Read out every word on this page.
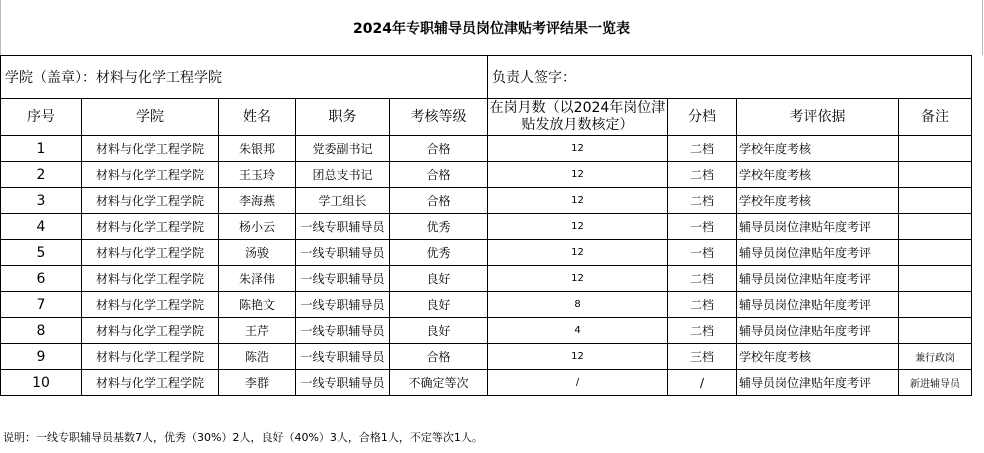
2024年专职辅导员岗位津贴考评结果一览表
学院（盖章）：材料与化学工程学院					负责人签字：			
序号	学院	姓名	职务	考核等级	在岗月数（以2024年岗位津贴发放月数核定）	分档	考评依据	备注
1	材料与化学工程学院	朱银邦	党委副书记	合格	12	二档	学校年度考核	
2	材料与化学工程学院	王玉玲	团总支书记	合格	12	二档	学校年度考核	
3	材料与化学工程学院	李海燕	学工组长	合格	12	二档	学校年度考核	
4	材料与化学工程学院	杨小云	一线专职辅导员	优秀	12	一档	辅导员岗位津贴年度考评	
5	材料与化学工程学院	汤骏	一线专职辅导员	优秀	12	一档	辅导员岗位津贴年度考评	
6	材料与化学工程学院	朱泽伟	一线专职辅导员	良好	12	二档	辅导员岗位津贴年度考评	
7	材料与化学工程学院	陈艳文	一线专职辅导员	良好	8	二档	辅导员岗位津贴年度考评	
8	材料与化学工程学院	王芹	一线专职辅导员	良好	4	二档	辅导员岗位津贴年度考评	
9	材料与化学工程学院	陈浩	一线专职辅导员	合格	12	三档	学校年度考核	兼行政岗
10	材料与化学工程学院	李群	一线专职辅导员	不确定等次	/	/	辅导员岗位津贴年度考评	新进辅导员
说明：一线专职辅导员基数7人，优秀（30%）2人，良好（40%）3人，合格1人，不定等次1人。
